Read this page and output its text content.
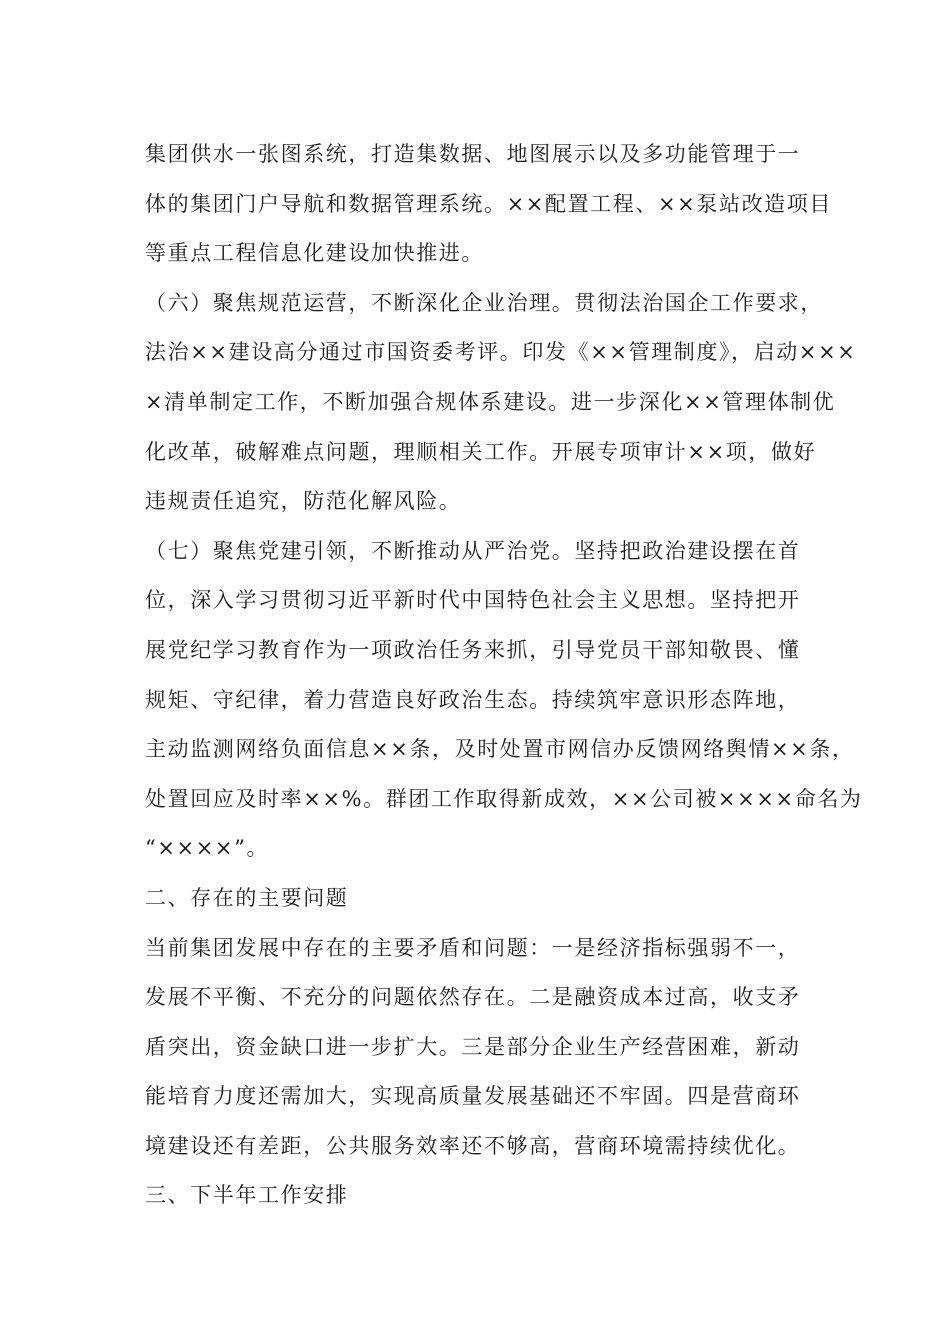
集团供水一张图系统，打造集数据、地图展示以及多功能管理于一
体的集团门户导航和数据管理系统。××配置工程、××泵站改造项目
等重点工程信息化建设加快推进。
（六）聚焦规范运营，不断深化企业治理。贯彻法治国企工作要求，
法治××建设高分通过市国资委考评。印发《××管理制度》，启动×××
×清单制定工作，不断加强合规体系建设。进一步深化××管理体制优
化改革，破解难点问题，理顺相关工作。开展专项审计××项，做好
违规责任追究，防范化解风险。
（七）聚焦党建引领，不断推动从严治党。坚持把政治建设摆在首
位，深入学习贯彻习近平新时代中国特色社会主义思想。坚持把开
展党纪学习教育作为一项政治任务来抓，引导党员干部知敬畏、懂
规矩、守纪律，着力营造良好政治生态。持续筑牢意识形态阵地，
主动监测网络负面信息××条，及时处置市网信办反馈网络舆情××条，
处置回应及时率××%。群团工作取得新成效，××公司被××××命名为
“××××”。
二、存在的主要问题
当前集团发展中存在的主要矛盾和问题：一是经济指标强弱不一，
发展不平衡、不充分的问题依然存在。二是融资成本过高，收支矛
盾突出，资金缺口进一步扩大。三是部分企业生产经营困难，新动
能培育力度还需加大，实现高质量发展基础还不牢固。四是营商环
境建设还有差距，公共服务效率还不够高，营商环境需持续优化。
三、下半年工作安排
